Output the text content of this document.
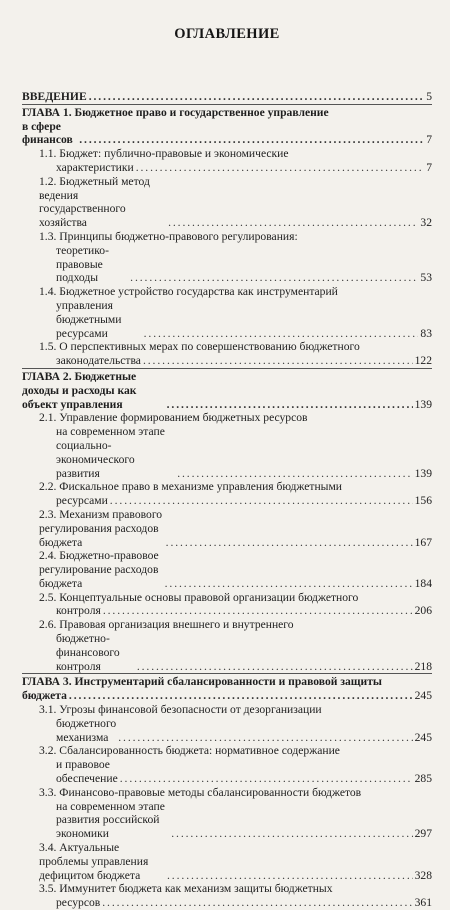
ОГЛАВЛЕНИЕ
ВВЕДЕНИЕ . . .	5
ГЛАВА 1. Бюджетное право и государственное управление
в сфере финансов . . .	7
1.1. Бюджет: публично-правовые и экономические
характеристики . . .	7
1.2. Бюджетный метод ведения государственного хозяйства . . .	32
1.3. Принципы бюджетно-правового регулирования:
теоретико-правовые подходы . . .	53
1.4. Бюджетное устройство государства как инструментарий
управления бюджетными ресурсами . . .	83
1.5. О перспективных мерах по совершенствованию бюджетного
законодательства . . .	122
ГЛАВА 2. Бюджетные доходы и расходы как объект управления . . .	139
2.1. Управление формированием бюджетных ресурсов
на современном этапе социально-экономического развития . . .	139
2.2. Фискальное право в механизме управления бюджетными
ресурсами . . .	156
2.3. Механизм правового регулирования расходов бюджета . . .	167
2.4. Бюджетно-правовое регулирование расходов бюджета . . .	184
2.5. Концептуальные основы правовой организации бюджетного
контроля . . .	206
2.6. Правовая организация внешнего и внутреннего
бюджетно-финансового контроля . . .	218
ГЛАВА 3. Инструментарий сбалансированности и правовой защиты
бюджета . . .	245
3.1. Угрозы финансовой безопасности от дезорганизации
бюджетного механизма . . .	245
3.2. Сбалансированность бюджета: нормативное содержание
и правовое обеспечение . . .	285
3.3. Финансово-правовые методы сбалансированности бюджетов
на современном этапе развития российской экономики . . .	297
3.4. Актуальные проблемы управления дефицитом бюджета . . .	328
3.5. Иммунитет бюджета как механизм защиты бюджетных
ресурсов . . .	361
